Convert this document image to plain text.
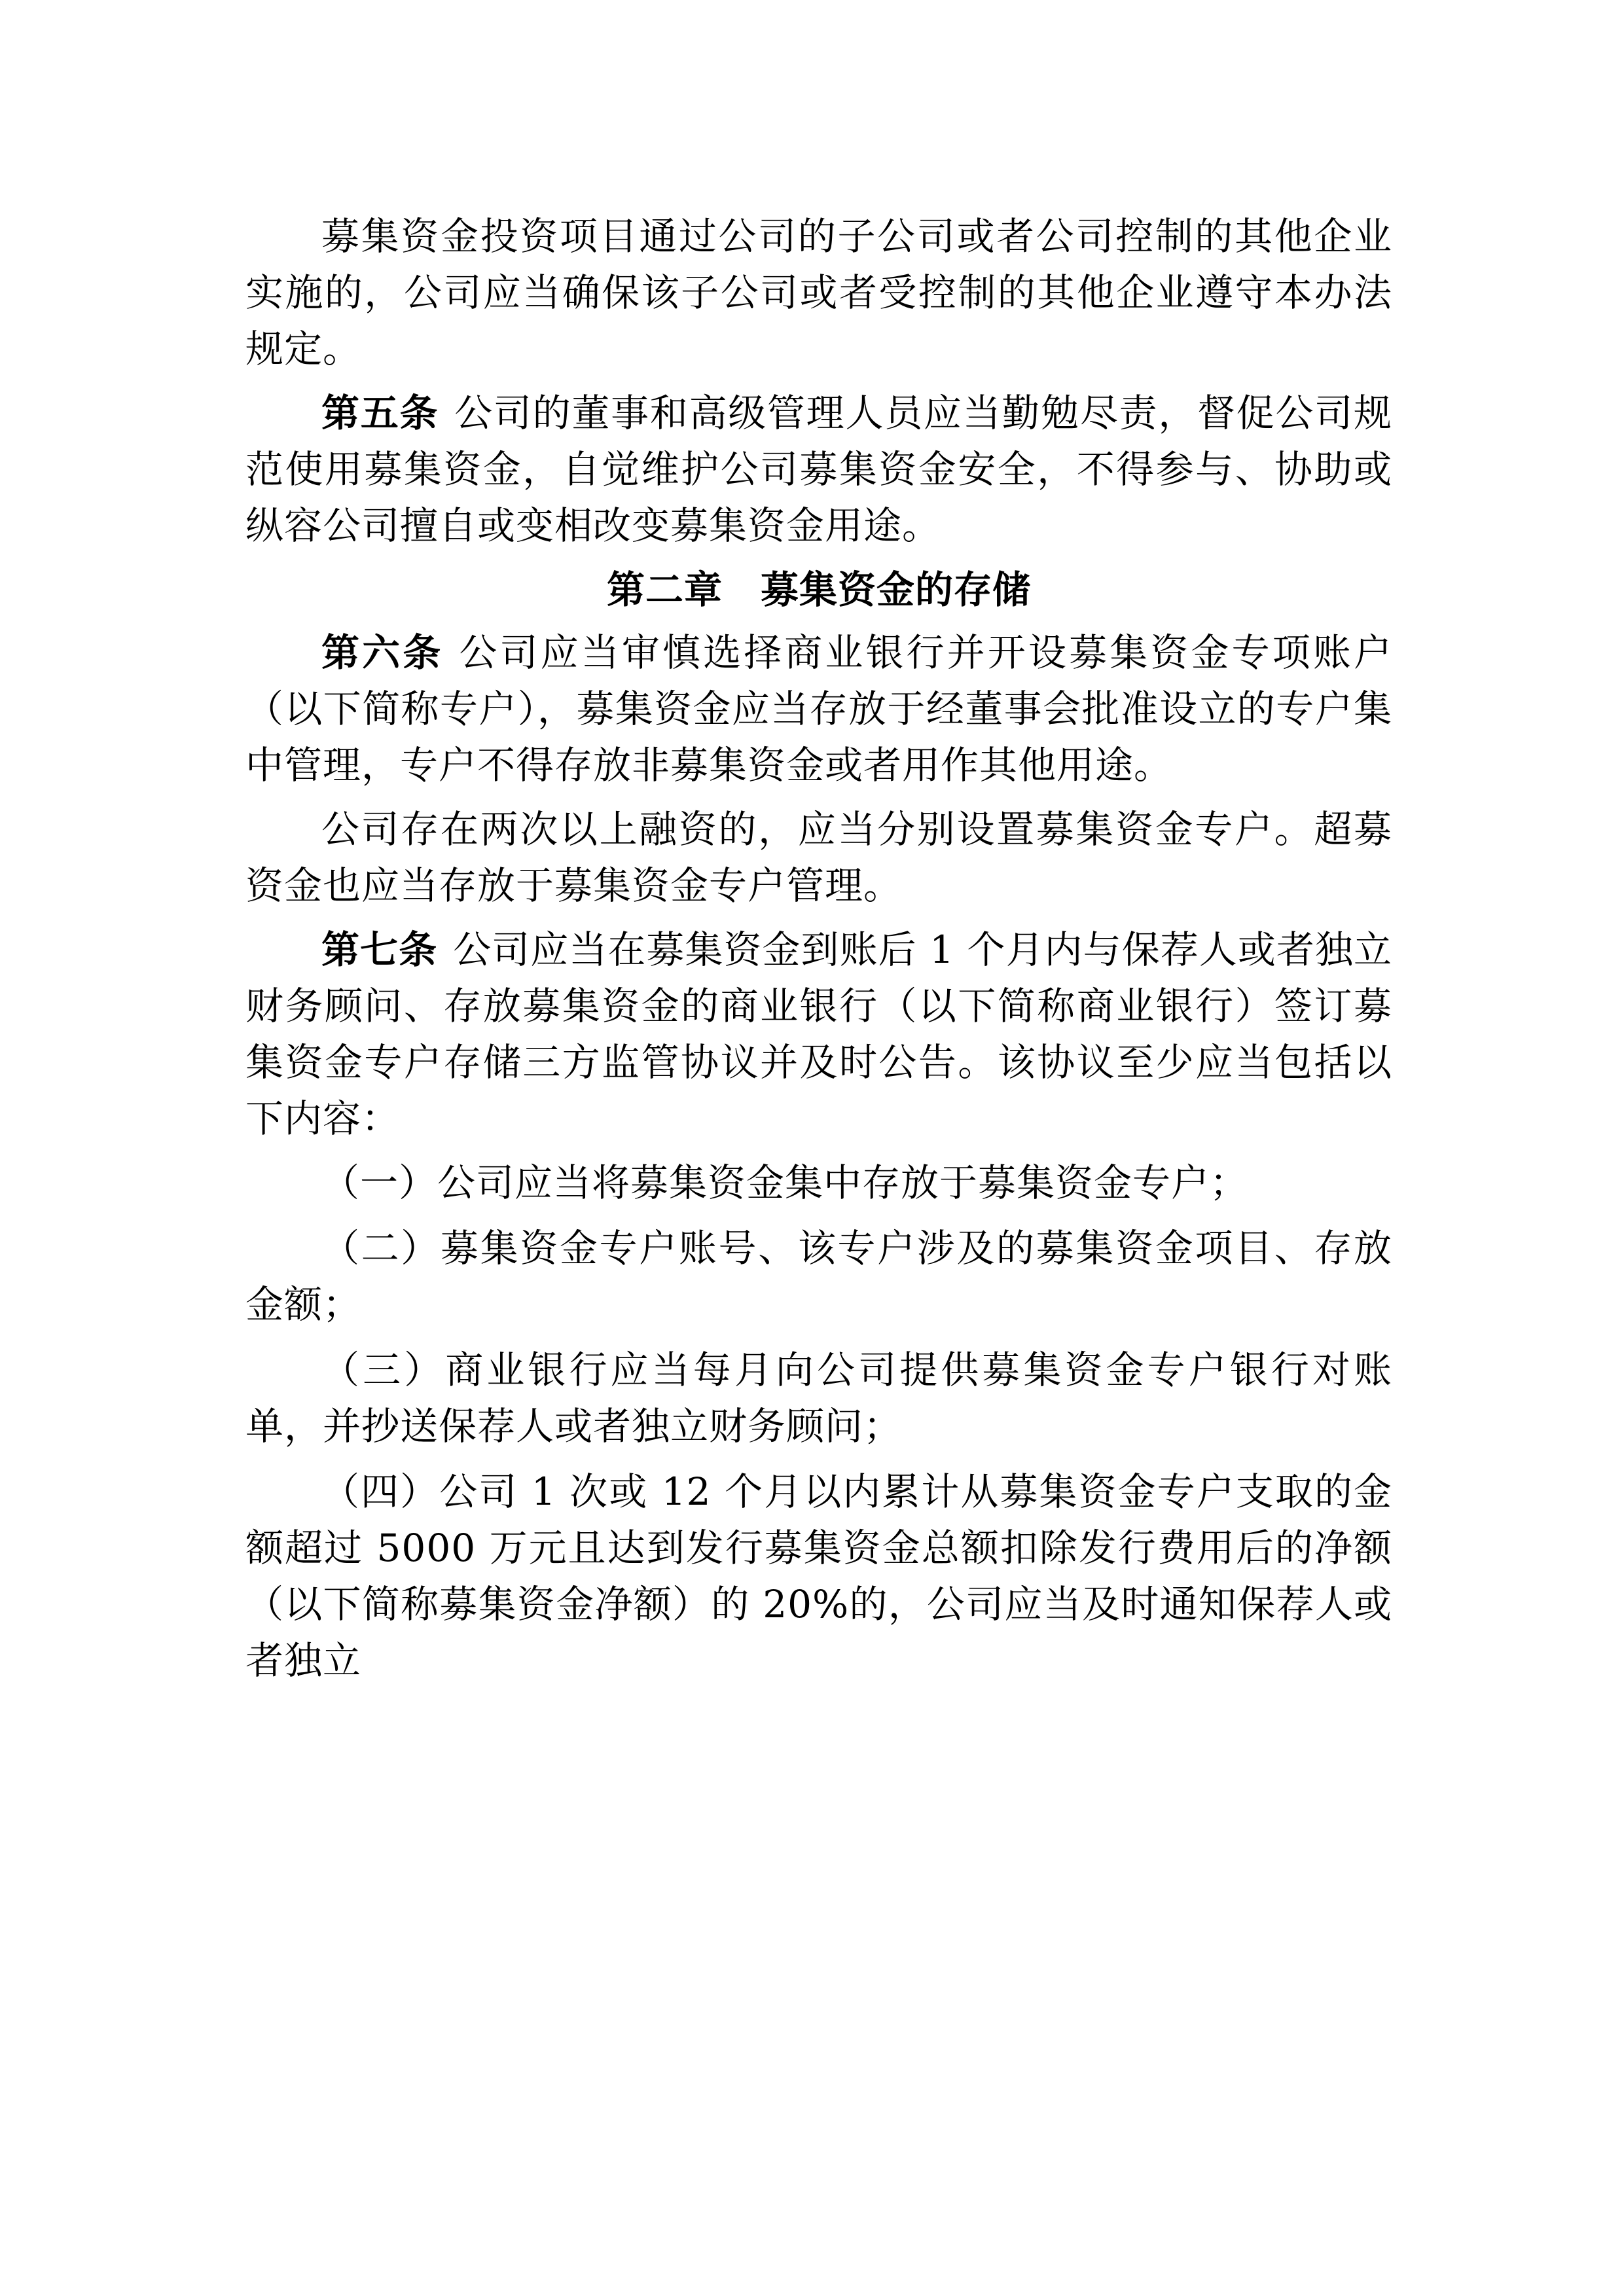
募集资金投资项目通过公司的子公司或者公司控制的其他企业实施的，公司应当确保该子公司或者受控制的其他企业遵守本办法规定。

第五条 公司的董事和高级管理人员应当勤勉尽责，督促公司规范使用募集资金，自觉维护公司募集资金安全，不得参与、协助或纵容公司擅自或变相改变募集资金用途。

第二章 募集资金的存储

第六条 公司应当审慎选择商业银行并开设募集资金专项账户（以下简称专户），募集资金应当存放于经董事会批准设立的专户集中管理，专户不得存放非募集资金或者用作其他用途。

公司存在两次以上融资的，应当分别设置募集资金专户。超募资金也应当存放于募集资金专户管理。

第七条 公司应当在募集资金到账后 1 个月内与保荐人或者独立财务顾问、存放募集资金的商业银行（以下简称商业银行）签订募集资金专户存储三方监管协议并及时公告。该协议至少应当包括以下内容：

（一）公司应当将募集资金集中存放于募集资金专户；

（二）募集资金专户账号、该专户涉及的募集资金项目、存放金额；

（三）商业银行应当每月向公司提供募集资金专户银行对账单，并抄送保荐人或者独立财务顾问；

（四）公司 1 次或 12 个月以内累计从募集资金专户支取的金额超过 5000 万元且达到发行募集资金总额扣除发行费用后的净额（以下简称募集资金净额）的 20%的，公司应当及时通知保荐人或者独立
